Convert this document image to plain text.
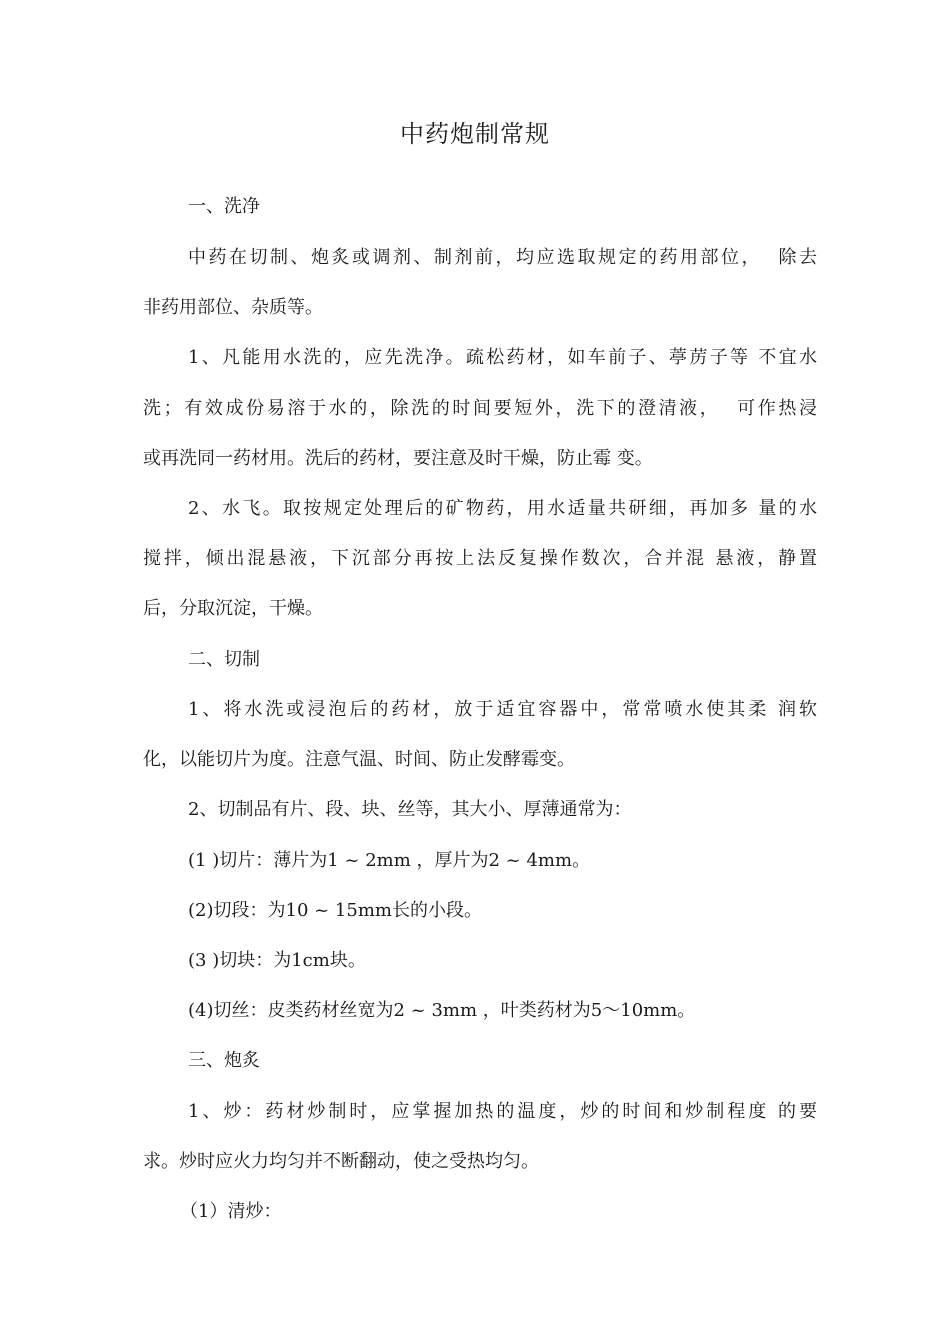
中药炮制常规
一、洗净
中药在切制、炮炙或调剂、制剂前，均应选取规定的药用部位，  除去
非药用部位、杂质等。
1、凡能用水洗的，应先洗净。疏松药材，如车前子、葶苈子等 不宜水
洗；有效成份易溶于水的，除洗的时间要短外，洗下的澄清液，  可作热浸
或再洗同一药材用。洗后的药材，要注意及时干燥，防止霉 变。
2、水飞。取按规定处理后的矿物药，用水适量共研细，再加多 量的水
搅拌，倾出混悬液，下沉部分再按上法反复操作数次，合并混 悬液，静置
后，分取沉淀，干燥。
二、切制
1、将水洗或浸泡后的药材，放于适宜容器中，常常喷水使其柔 润软
化，以能切片为度。注意气温、时间、防止发酵霉变。
2、切制品有片、段、块、丝等，其大小、厚薄通常为：
(1 )切片：薄片为1 ~ 2mm ，厚片为2 ~ 4mm。
(2)切段：为10 ~ 15mm长的小段。
(3 )切块：为1cm块。
(4)切丝：皮类药材丝宽为2 ~ 3mm ，叶类药材为5〜10mm。
三、炮炙
1、炒：药材炒制时，应掌握加热的温度，炒的时间和炒制程度 的要
求。炒时应火力均匀并不断翻动，使之受热均匀。
（1）清炒：
